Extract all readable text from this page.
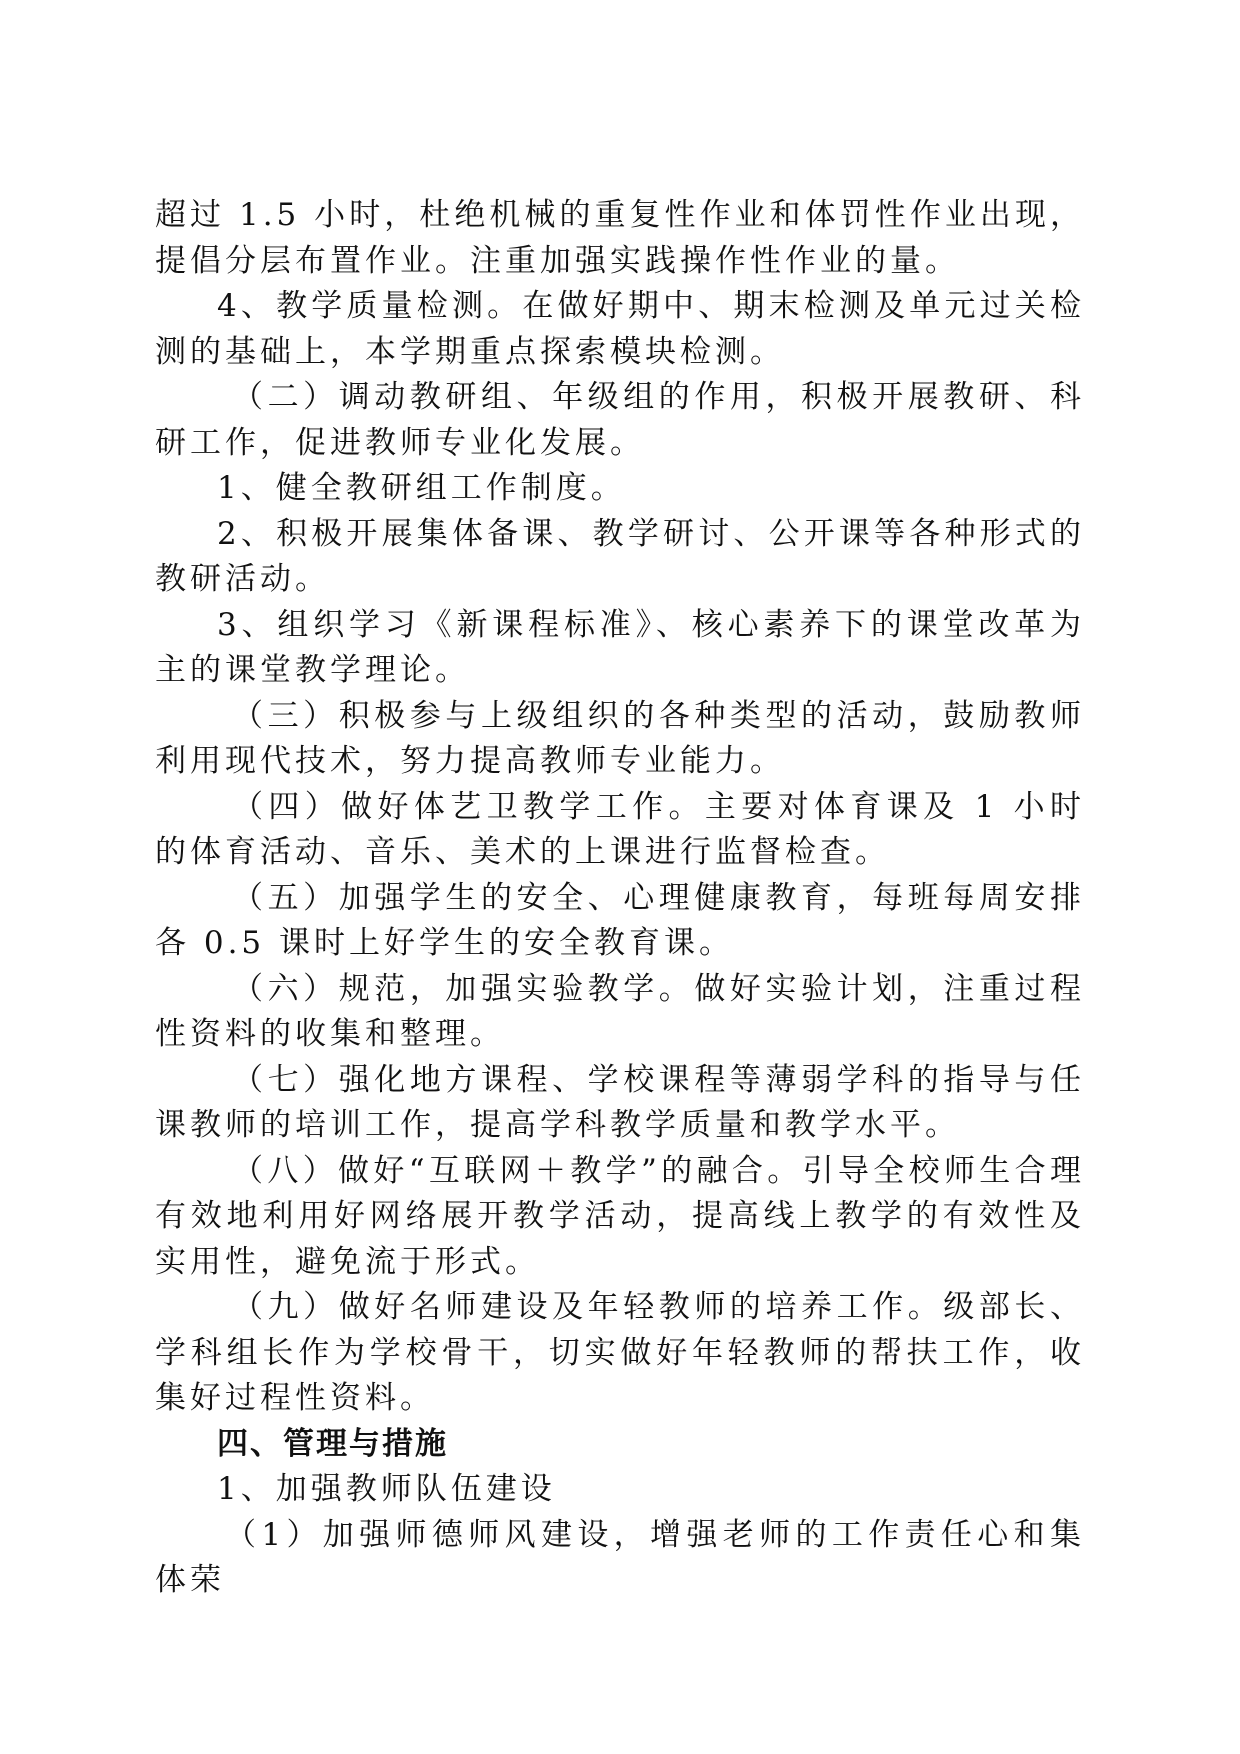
超过 1.5 小时，杜绝机械的重复性作业和体罚性作业出现，提倡分层布置作业。注重加强实践操作性作业的量。

4、教学质量检测。在做好期中、期末检测及单元过关检测的基础上，本学期重点探索模块检测。

（二）调动教研组、年级组的作用，积极开展教研、科研工作，促进教师专业化发展。

1、健全教研组工作制度。

2、积极开展集体备课、教学研讨、公开课等各种形式的教研活动。

3、组织学习《新课程标准》、核心素养下的课堂改革为主的课堂教学理论。

（三）积极参与上级组织的各种类型的活动，鼓励教师利用现代技术，努力提高教师专业能力。

（四）做好体艺卫教学工作。主要对体育课及 1 小时的体育活动、音乐、美术的上课进行监督检查。

（五）加强学生的安全、心理健康教育，每班每周安排各 0.5 课时上好学生的安全教育课。

（六）规范，加强实验教学。做好实验计划，注重过程性资料的收集和整理。

（七）强化地方课程、学校课程等薄弱学科的指导与任课教师的培训工作，提高学科教学质量和教学水平。

（八）做好“互联网＋教学”的融合。引导全校师生合理有效地利用好网络展开教学活动，提高线上教学的有效性及实用性，避免流于形式。

（九）做好名师建设及年轻教师的培养工作。级部长、学科组长作为学校骨干，切实做好年轻教师的帮扶工作，收集好过程性资料。

四、管理与措施

1、加强教师队伍建设

（1）加强师德师风建设，增强老师的工作责任心和集体荣
